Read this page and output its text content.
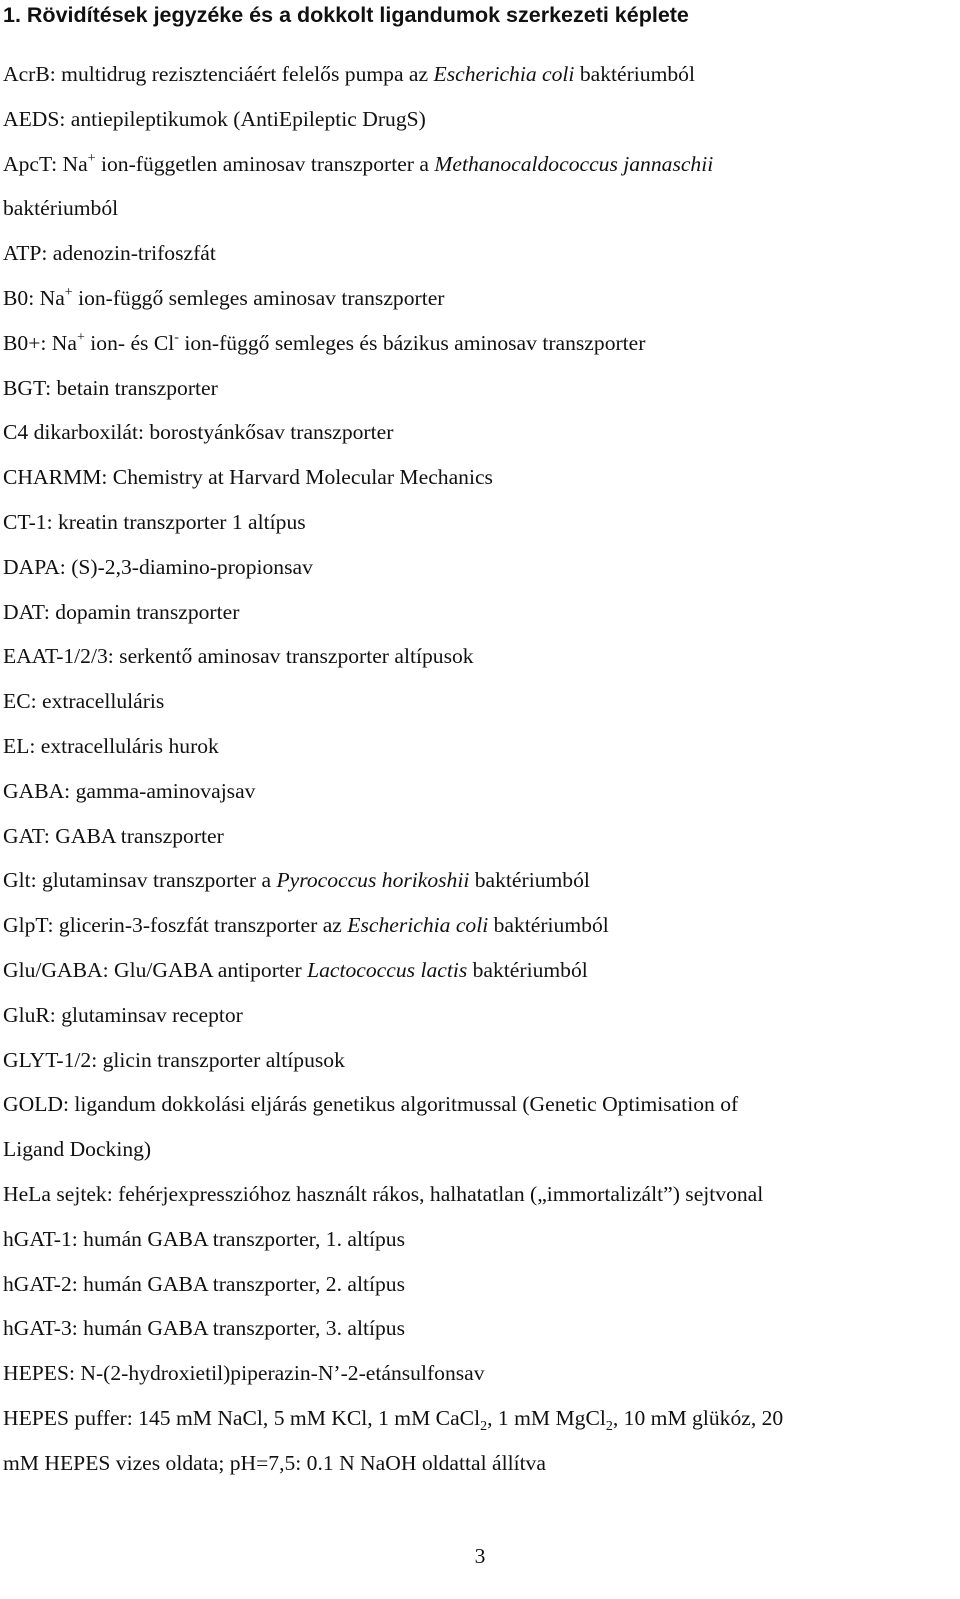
1. Rövidítések jegyzéke és a dokkolt ligandumok szerkezeti képlete
AcrB: multidrug rezisztenciáért felelős pumpa az Escherichia coli baktériumból
AEDS: antiepileptikumok (AntiEpileptic DrugS)
ApcT: Na+ ion-független aminosav transzporter a Methanocaldococcus jannaschii
baktériumból
ATP: adenozin-trifoszfát
B0: Na+ ion-függő semleges aminosav transzporter
B0+: Na+ ion- és Cl- ion-függő semleges és bázikus aminosav transzporter
BGT: betain transzporter
C4 dikarboxilát: borostyánkősav transzporter
CHARMM: Chemistry at Harvard Molecular Mechanics
CT-1: kreatin transzporter 1 altípus
DAPA: (S)-2,3-diamino-propionsav
DAT: dopamin transzporter
EAAT-1/2/3: serkentő aminosav transzporter altípusok
EC: extracelluláris
EL: extracelluláris hurok
GABA: gamma-aminovajsav
GAT: GABA transzporter
Glt: glutaminsav transzporter a Pyrococcus horikoshii baktériumból
GlpT: glicerin-3-foszfát transzporter az Escherichia coli baktériumból
Glu/GABA: Glu/GABA antiporter Lactococcus lactis baktériumból
GluR: glutaminsav receptor
GLYT-1/2: glicin transzporter altípusok
GOLD: ligandum dokkolási eljárás genetikus algoritmussal (Genetic Optimisation of
Ligand Docking)
HeLa sejtek: fehérjexpresszióhoz használt rákos, halhatatlan („immortalizált”) sejtvonal
hGAT-1: humán GABA transzporter, 1. altípus
hGAT-2: humán GABA transzporter, 2. altípus
hGAT-3: humán GABA transzporter, 3. altípus
HEPES: N-(2-hydroxietil)piperazin-N’-2-etánsulfonsav
HEPES puffer: 145 mM NaCl, 5 mM KCl, 1 mM CaCl$_2$, 1 mM MgCl$_2$, 10 mM glükóz, 20
mM HEPES vizes oldata; pH=7,5: 0.1 N NaOH oldattal állítva
3
